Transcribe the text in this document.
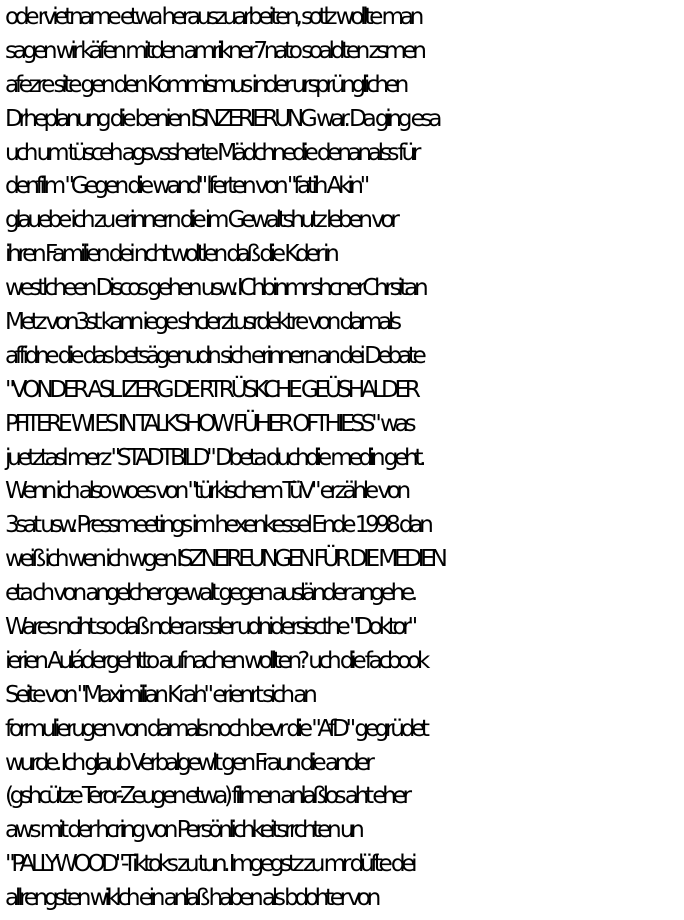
ode rvietname etwa herauszuarbeiten, sotlz wollte man
sagen wir käfen mitden amrikner7nato soaldten zsmen
afezre site gen den Kommismus inder ursprünglichen
Drheplanung die benien ISNZERIERUNG war. Da ging esa
uch um tüsceh agsvssherte Mädchnedie denanalss für
denfilm "Gegen die wand" lferten von "fatih Akin"
glauebe ich zu erinnern die im Gewaltshutz leben vor
ihren Familien dei ncht woltlen daß die Kder in
westlcheen Discos gehen usw. IChbinmr shcnerChrsitan
Metz von3st kann iege shclerztusrdektre von damals
affidne die das betsägenudn sich erinnern an dei Debate
"VONDER ASL IZERG DE RTRÜSKCHE GEÜSHALDER
PFITERE WI ES IN TALKSHOW FÜHER OFTHIESS" was
juetztasl merz "STADTBILD" Dbeta duchdie medin geht.
Wenn ich also woes von "türkischem TüV" erzähle von
3sat usw. Pressmeetings im hexenkessel Ende 1998 dan
weiß ich wen ich wgen ISZNEIREUNGEN FÜR DIE MEDIEN
eta ch von angelcher gewalt gegen ausländer angehe.
Wares nciht so daß ndera rssler udnidersiscthe "Doktor"
ierien Auládergehtto aufnachen wollten? uch die facbook
Seite von "Maximilian Krah" erienrt sich an
formulierugen von damals noch bevr die "AfD" gegrüdet
wurde. Ich glaub Verbalgewlt gen Fraun die ander
(gshcütze Teror-Zeugen etwa) filmen anlaßlos aht eher
aws mit der hcring von Persönlichkeitsrrchten un
"PALLYWOOD"-Tiktoks zu tun. Imgegstz zu mr düfte dei
allrengsten wiklch ein anlaß haben als bdohter von
